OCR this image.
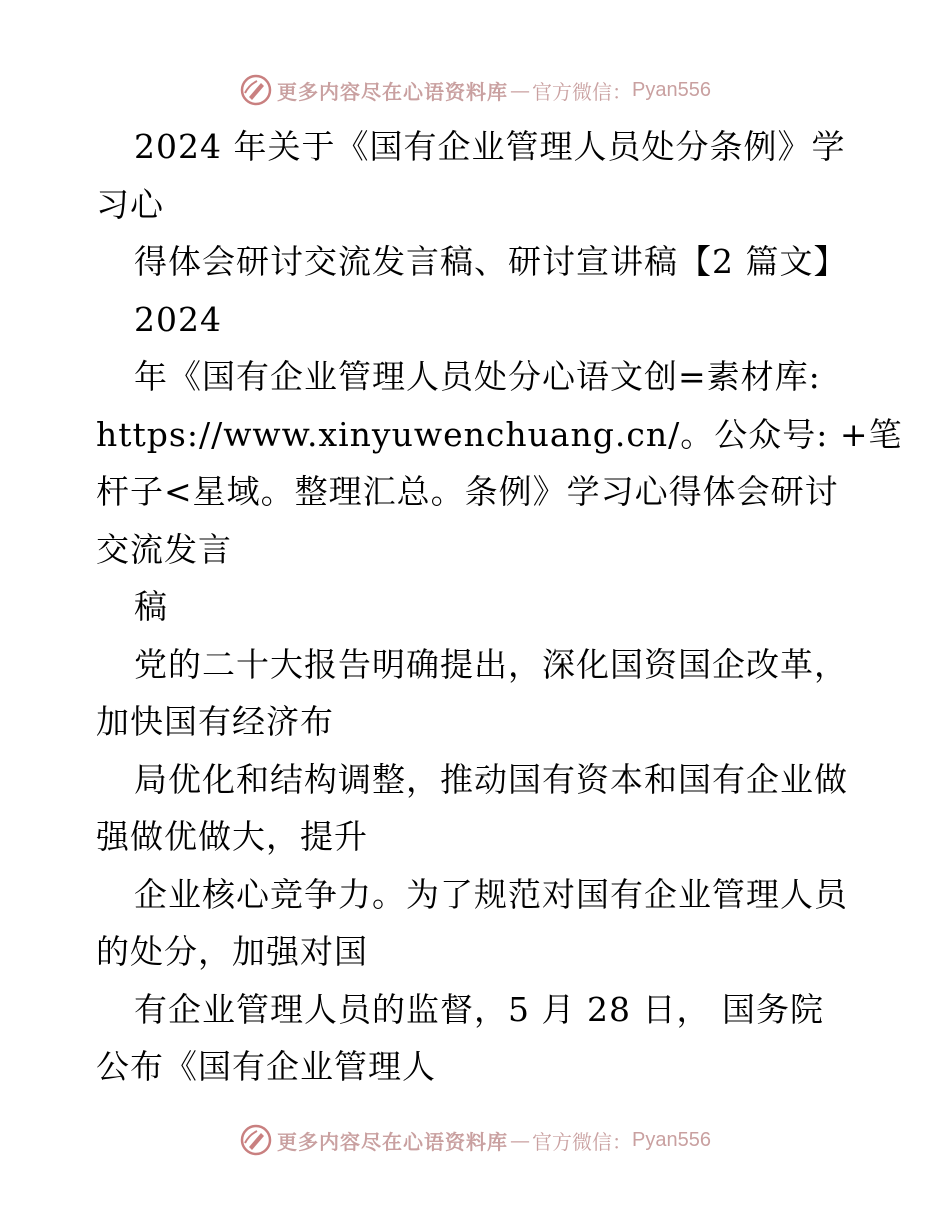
更多内容尽在心语资料库 — 官方微信： Pyan556
2024 年关于《国有企业管理人员处分条例》学
习心
得体会研讨交流发言稿、研讨宣讲稿【2 篇文】
2024
年《国有企业管理人员处分心语文创=素材库:
https://www.xinyuwenchuang.cn/。公众号: +笔
杆子<星域。整理汇总。条例》学习心得体会研讨
交流发言
稿
党的二十大报告明确提出，深化国资国企改革，
加快国有经济布
局优化和结构调整，推动国有资本和国有企业做
强做优做大，提升
企业核心竞争力。为了规范对国有企业管理人员
的处分，加强对国
有企业管理人员的监督，5 月 28 日， 国务院
公布《国有企业管理人
更多内容尽在心语资料库 — 官方微信： Pyan556
